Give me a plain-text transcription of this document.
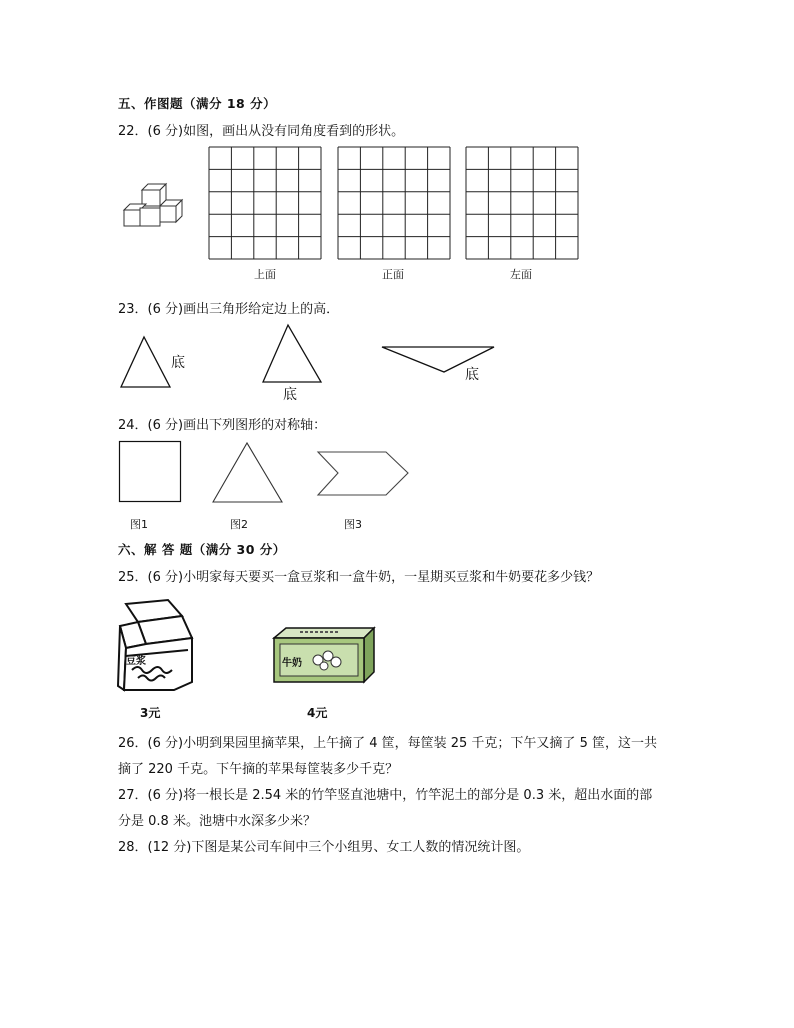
五、作图题（满分 18 分）
22．(6 分)如图，画出从没有同角度看到的形状。
上面	正面	左面
23．(6 分)画出三角形给定边上的高．
底
底
底
24．(6 分)画出下列图形的对称轴：
图1	图2	图3
六、解 答 题（满分 30 分）
25．(6 分)小明家每天要买一盒豆浆和一盒牛奶，一星期买豆浆和牛奶要花多少钱？
豆浆
3元
牛奶
4元
26．(6 分)小明到果园里摘苹果，上午摘了 4 筐，每筐装 25 千克；下午又摘了 5 筐，这一共
摘了 220 千克。下午摘的苹果每筐装多少千克？
27．(6 分)将一根长是 2.54 米的竹竿竖直池塘中，竹竿泥土的部分是 0.3 米，超出水面的部
分是 0.8 米。池塘中水深多少米？
28．(12 分)下图是某公司车间中三个小组男、女工人数的情况统计图。
